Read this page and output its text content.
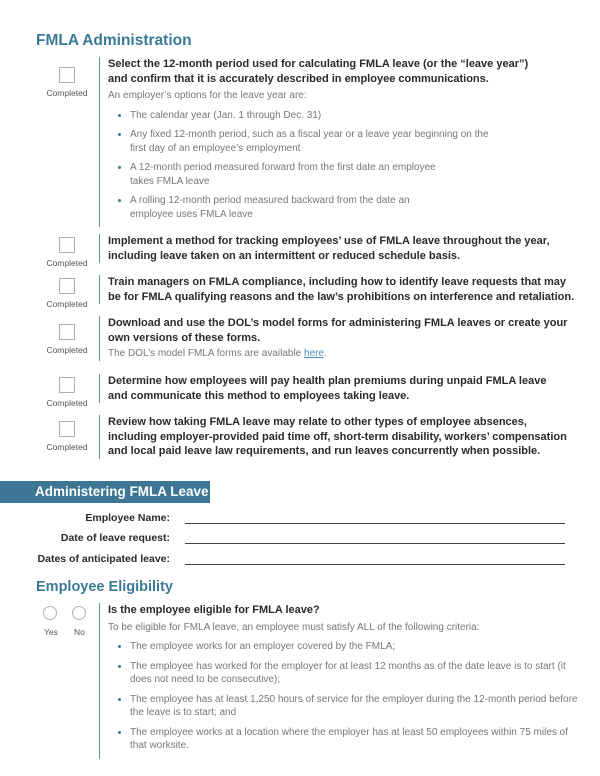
FMLA Administration
Completed
Select the 12-month period used for calculating FMLA leave (or the “leave year”) and confirm that it is accurately described in employee communications.
An employer’s options for the leave year are:
• The calendar year (Jan. 1 through Dec. 31)
• Any fixed 12-month period, such as a fiscal year or a leave year beginning on the first day of an employee’s employment
• A 12-month period measured forward from the first date an employee takes FMLA leave
• A rolling 12-month period measured backward from the date an employee uses FMLA leave
Completed
Implement a method for tracking employees’ use of FMLA leave throughout the year, including leave taken on an intermittent or reduced schedule basis.
Completed
Train managers on FMLA compliance, including how to identify leave requests that may be for FMLA qualifying reasons and the law’s prohibitions on interference and retaliation.
Completed
Download and use the DOL’s model forms for administering FMLA leaves or create your own versions of these forms.
The DOL’s model FMLA forms are available here.
Completed
Determine how employees will pay health plan premiums during unpaid FMLA leave and communicate this method to employees taking leave.
Completed
Review how taking FMLA leave may relate to other types of employee absences, including employer-provided paid time off, short-term disability, workers’ compensation and local paid leave law requirements, and run leaves concurrently when possible.
Administering FMLA Leave
Employee Name:
Date of leave request:
Dates of anticipated leave:
Employee Eligibility
Yes No
Is the employee eligible for FMLA leave?
To be eligible for FMLA leave, an employee must satisfy ALL of the following criteria:
• The employee works for an employer covered by the FMLA;
• The employee has worked for the employer for at least 12 months as of the date leave is to start (it does not need to be consecutive);
• The employee has at least 1,250 hours of service for the employer during the 12-month period before the leave is to start; and
• The employee works at a location where the employer has at least 50 employees within 75 miles of that worksite.
